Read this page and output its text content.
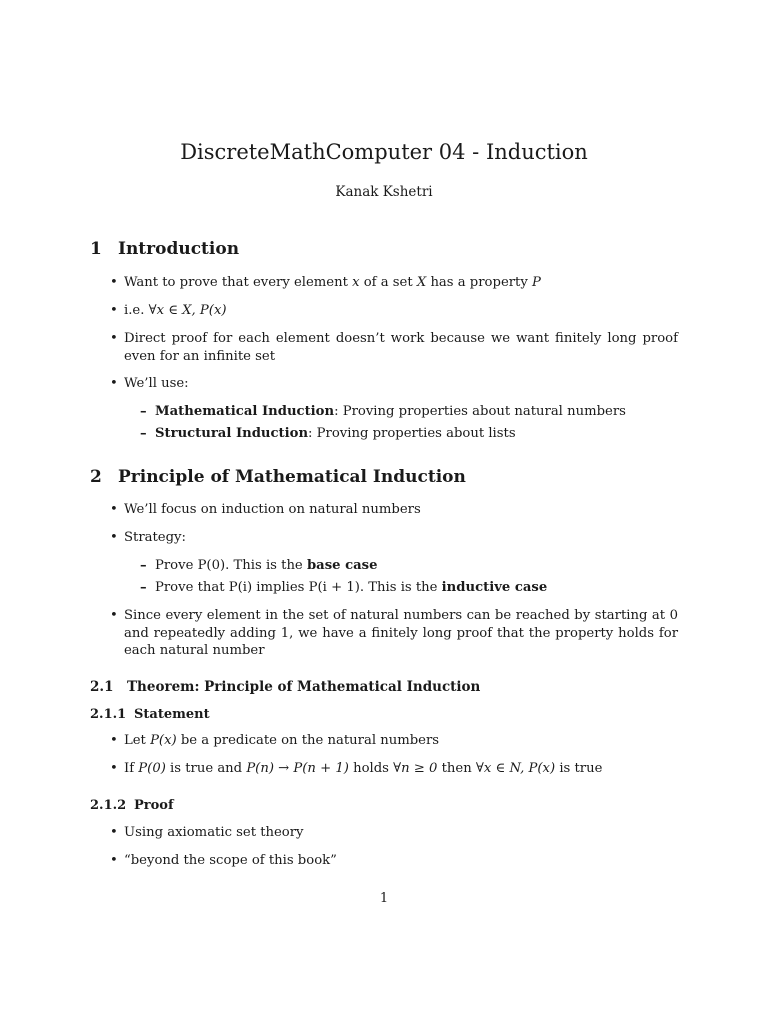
DiscreteMathComputer 04 - Induction
Kanak Kshetri
1 Introduction
• Want to prove that every element x of a set X has a property P
• i.e. ∀x ∈ X, P(x)
• Direct proof for each element doesn’t work because we want finitely long proof even for an infinite set
• We’ll use:
– Mathematical Induction: Proving properties about natural numbers
– Structural Induction: Proving properties about lists
2 Principle of Mathematical Induction
• We’ll focus on induction on natural numbers
• Strategy:
– Prove P(0). This is the base case
– Prove that P(i) implies P(i + 1). This is the inductive case
• Since every element in the set of natural numbers can be reached by starting at 0 and repeatedly adding 1, we have a finitely long proof that the property holds for each natural number
2.1 Theorem: Principle of Mathematical Induction
2.1.1 Statement
• Let P(x) be a predicate on the natural numbers
• If P(0) is true and P(n) → P(n + 1) holds ∀n ≥ 0 then ∀x ∈ N, P(x) is true
2.1.2 Proof
• Using axiomatic set theory
• “beyond the scope of this book”
1
